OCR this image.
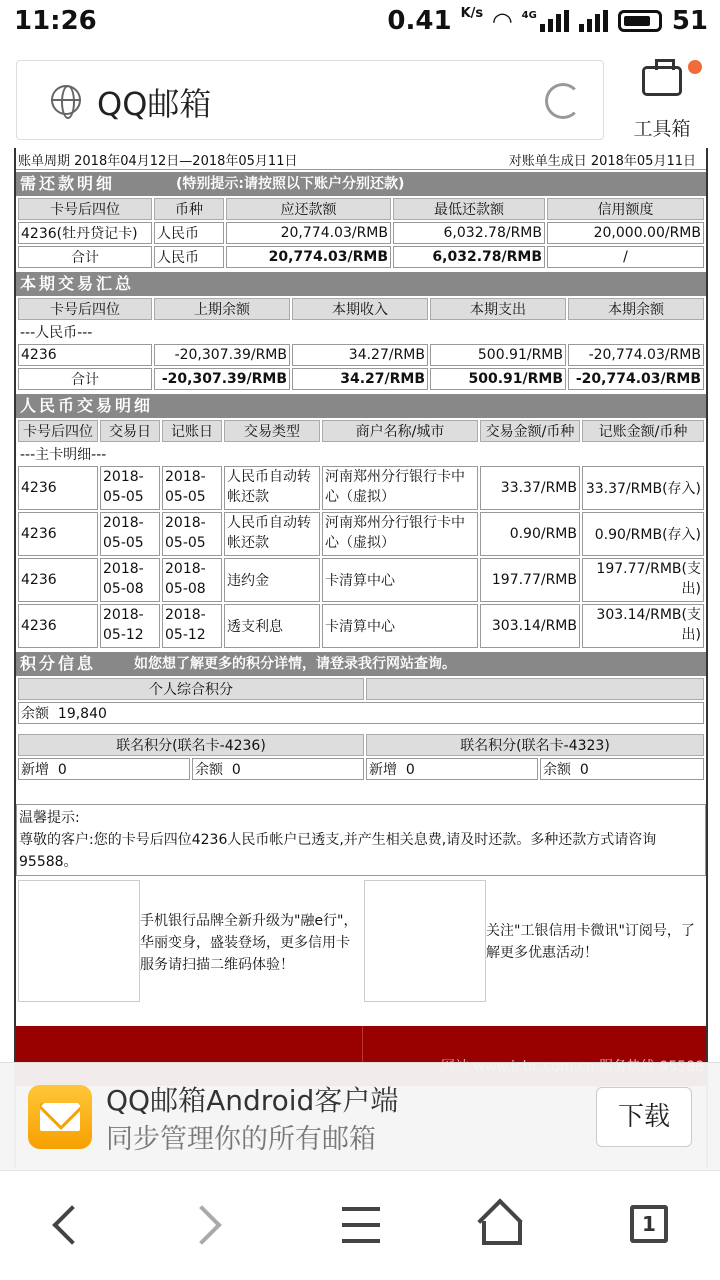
11:26	0.41 $^{K/s}$ ◠ 4G	51
QQ邮箱
工具箱
账单周期 2018年04月12日—2018年05月11日	对账单生成日 2018年05月11日
需还款明细	(特别提示:请按照以下账户分别还款)
卡号后四位	币种	应还款额	最低还款额	信用额度
4236(牡丹贷记卡)	人民币	20,774.03/RMB	6,032.78/RMB	20,000.00/RMB
合计	人民币	20,774.03/RMB	6,032.78/RMB	/
本期交易汇总
卡号后四位	上期余额	本期收入	本期支出	本期余额
---人民币---				
4236	-20,307.39/RMB	34.27/RMB	500.91/RMB	-20,774.03/RMB
合计	-20,307.39/RMB	34.27/RMB	500.91/RMB	-20,774.03/RMB
人民币交易明细
卡号后四位	交易日	记账日	交易类型	商户名称/城市	交易金额/币种	记账金额/币种
---主卡明细---						
4236	2018-05-05	2018-05-05	人民币自动转帐还款	河南郑州分行银行卡中心（虚拟）	33.37/RMB	33.37/RMB(存入)
4236	2018-05-05	2018-05-05	人民币自动转帐还款	河南郑州分行银行卡中心（虚拟）	0.90/RMB	0.90/RMB(存入)
4236	2018-05-08	2018-05-08	违约金	卡清算中心	197.77/RMB	197.77/RMB(支出)
4236	2018-05-12	2018-05-12	透支利息	卡清算中心	303.14/RMB	303.14/RMB(支出)
积分信息	如您想了解更多的积分详情，请登录我行网站查询。
个人综合积分			
余额 19,840			

联名积分(联名卡-4236)		联名积分(联名卡-4323)	
新增 0	余额 0	新增 0	余额 0
温馨提示:
尊敬的客户:您的卡号后四位4236人民币帐户已透支,并产生相关息费,请及时还款。多种还款方式请咨询95588。
手机银行品牌全新升级为"融e行"，华丽变身，盛装登场，更多信用卡服务请扫描二维码体验！
关注"工银信用卡微讯"订阅号，了解更多优惠活动！
QQ邮箱Android客户端
同步管理你的所有邮箱
下载
1
